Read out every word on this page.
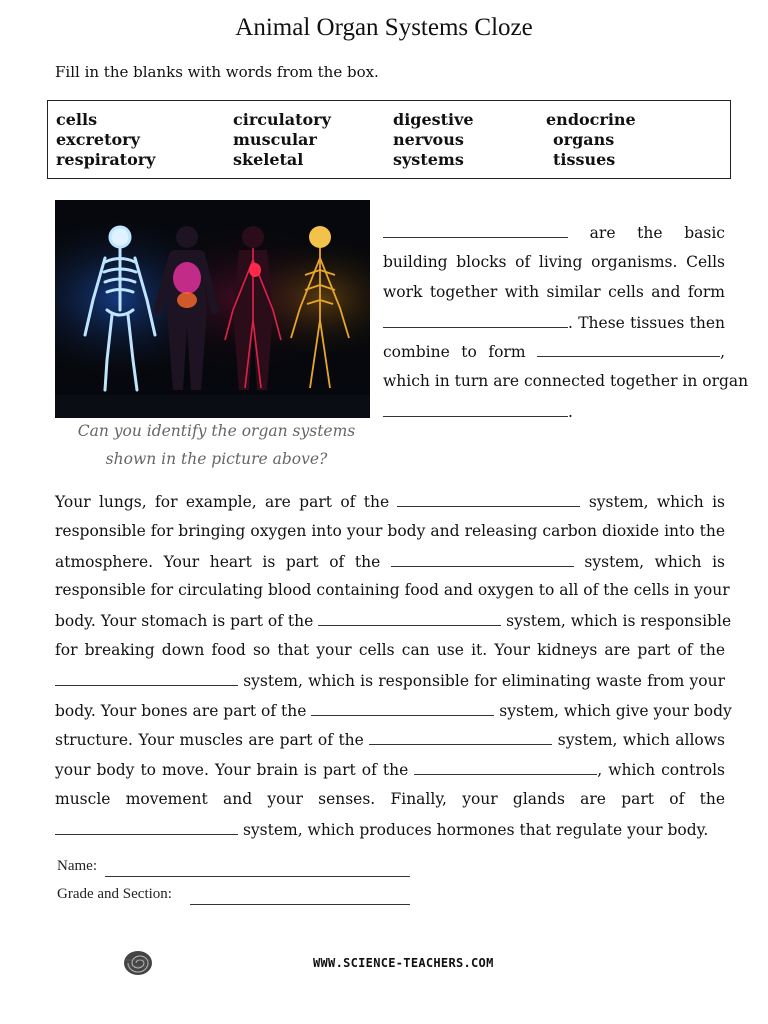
Animal Organ Systems Cloze
Fill in the blanks with words from the box.
cells	circulatory	digestive	endocrine
excretory	muscular	nervous	organs
respiratory	skeletal	systems	tissues
Can you identify the organ systems
shown in the picture above?
are the basic
building blocks of living organisms. Cells
work together with similar cells and form
. These tissues then
combine to form	,
which in turn are connected together in organ
.
Your lungs, for example, are part of the	system, which is
responsible for bringing oxygen into your body and releasing carbon dioxide into the
atmosphere. Your heart is part of the	system, which is
responsible for circulating blood containing food and oxygen to all of the cells in your
body. Your stomach is part of the	system, which is responsible
for breaking down food so that your cells can use it. Your kidneys are part of the
system, which is responsible for eliminating waste from your
body. Your bones are part of the	system, which give your body
structure. Your muscles are part of the	system, which allows
your body to move. Your brain is part of the	, which controls
muscle movement and your senses. Finally, your glands are part of the
system, which produces hormones that regulate your body.
Name:
Grade and Section:
WWW.SCIENCE-TEACHERS.COM
